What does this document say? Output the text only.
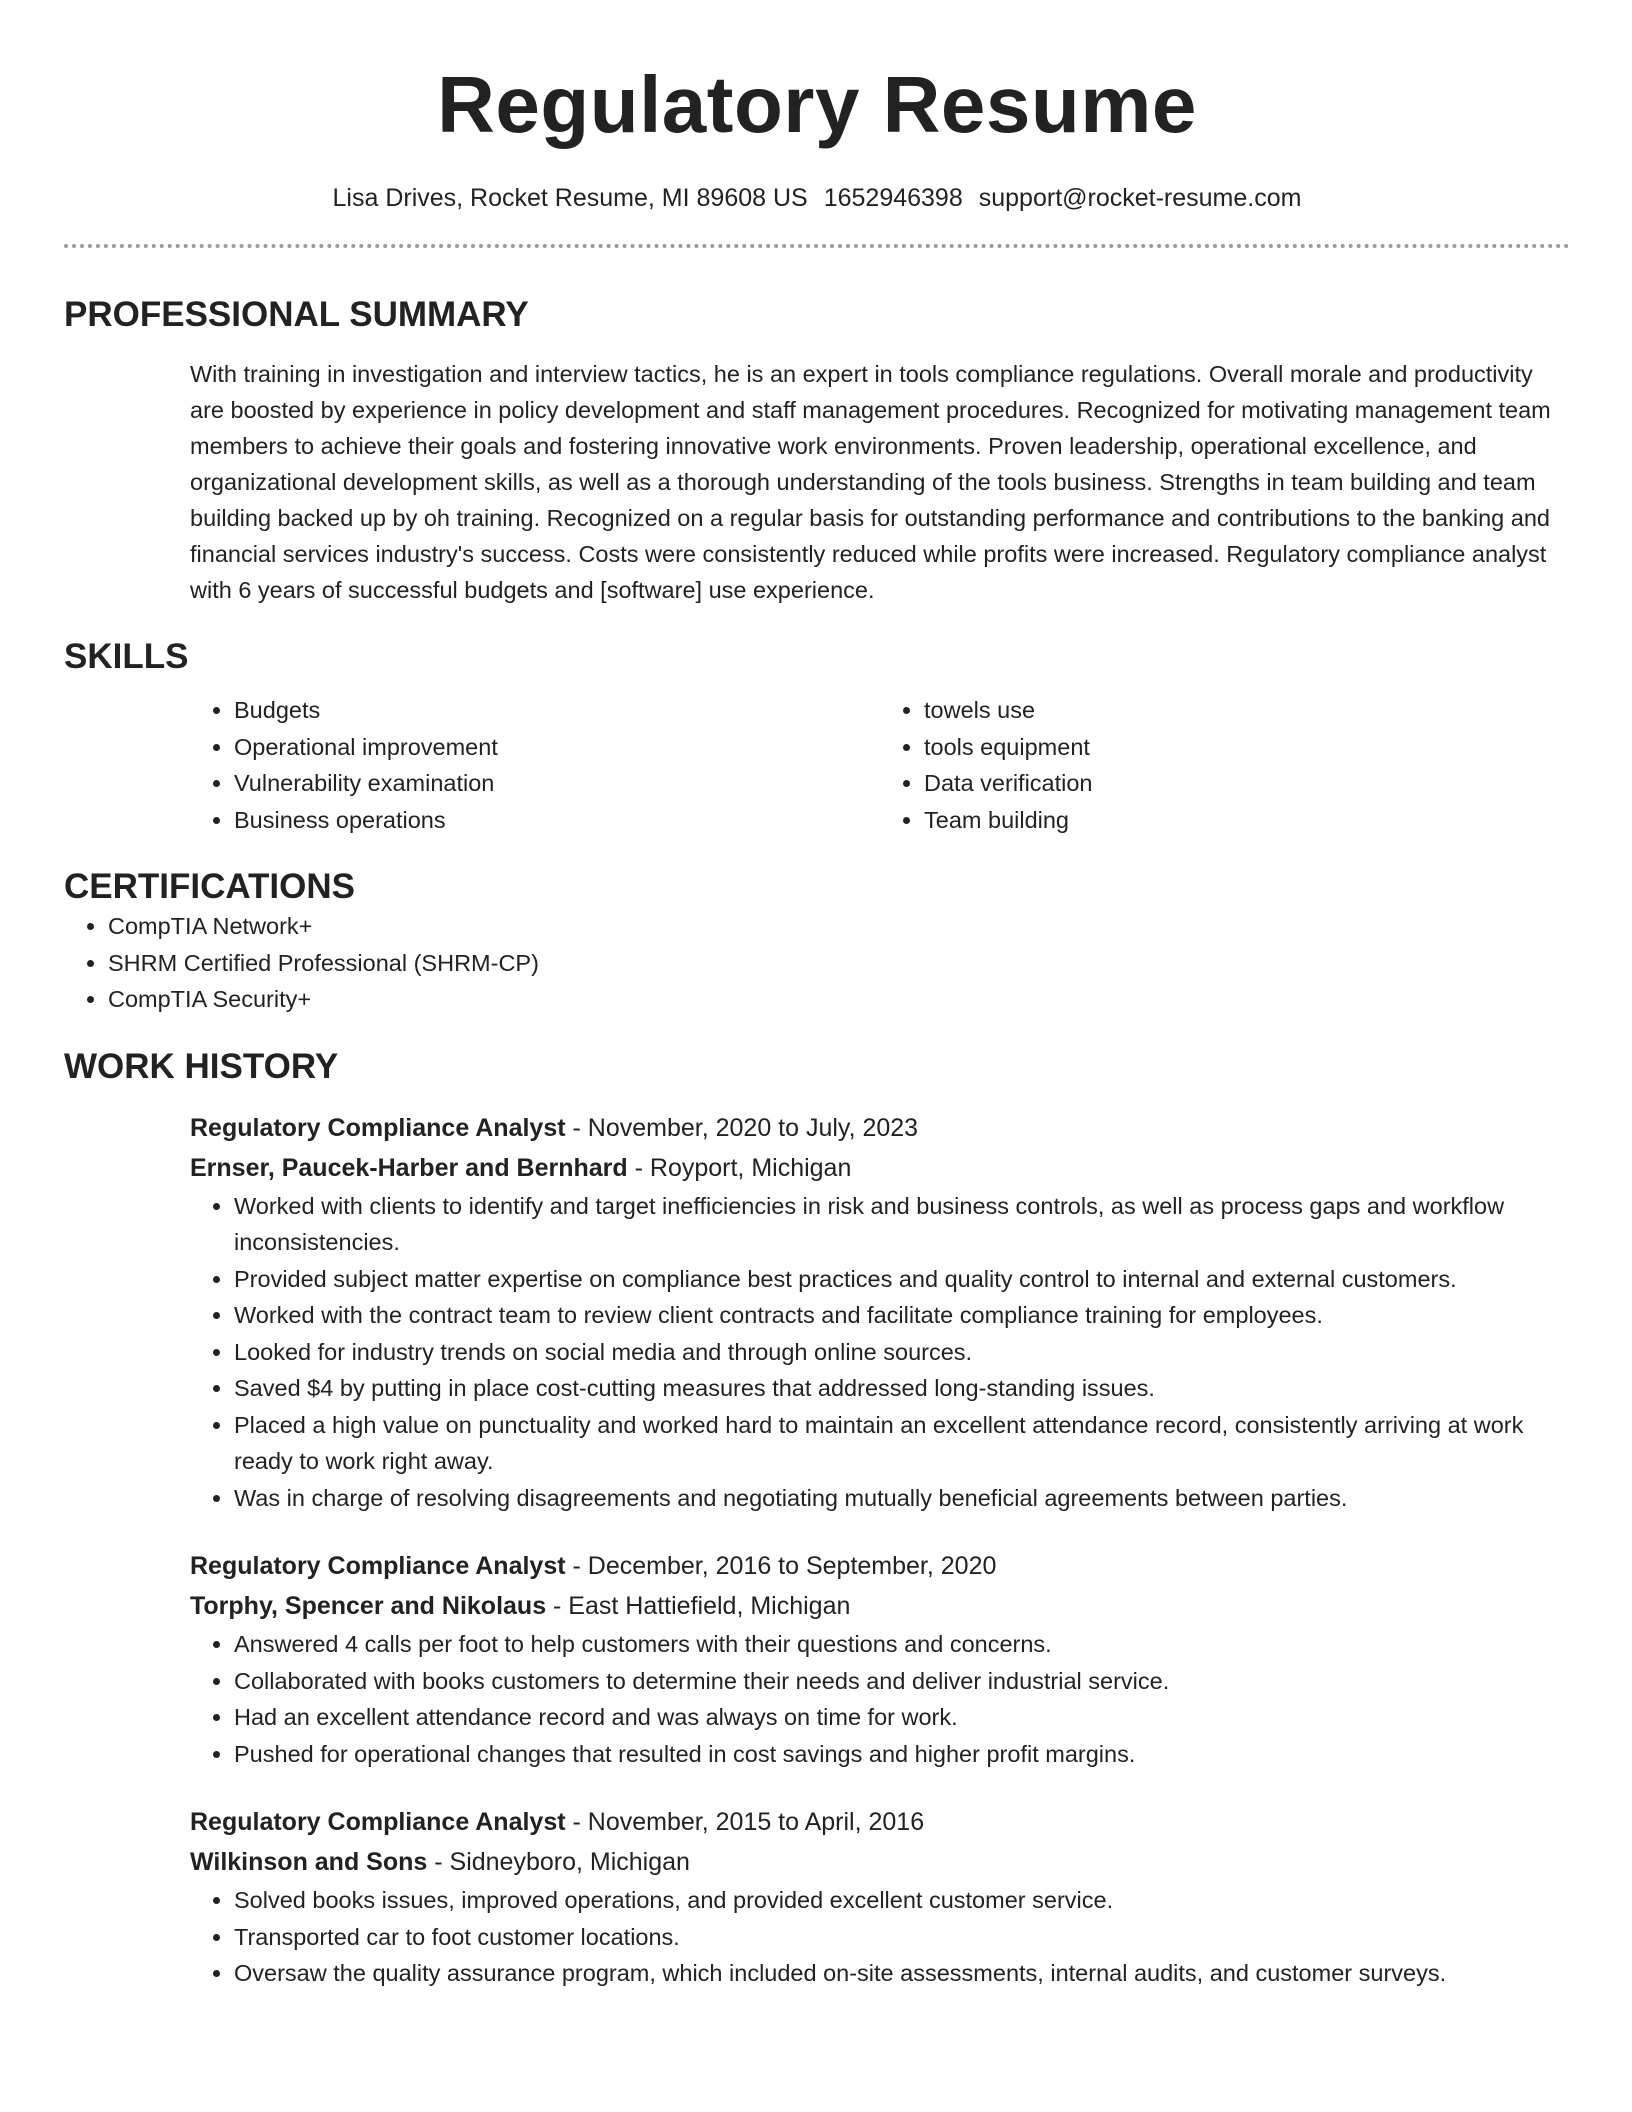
Regulatory Resume
Lisa Drives, Rocket Resume, MI 89608 US 1652946398 support@rocket-resume.com
PROFESSIONAL SUMMARY

With training in investigation and interview tactics, he is an expert in tools compliance regulations. Overall morale and productivity are boosted by experience in policy development and staff management procedures. Recognized for motivating management team members to achieve their goals and fostering innovative work environments. Proven leadership, operational excellence, and organizational development skills, as well as a thorough understanding of the tools business. Strengths in team building and team building backed up by oh training. Recognized on a regular basis for outstanding performance and contributions to the banking and financial services industry's success. Costs were consistently reduced while profits were increased. Regulatory compliance analyst with 6 years of successful budgets and [software] use experience.

SKILLS
• Budgets
• Operational improvement
• Vulnerability examination
• Business operations
• towels use
• tools equipment
• Data verification
• Team building
CERTIFICATIONS
• CompTIA Network+
• SHRM Certified Professional (SHRM-CP)
• CompTIA Security+
WORK HISTORY
Regulatory Compliance Analyst - November, 2020 to July, 2023
Ernser, Paucek-Harber and Bernhard - Royport, Michigan
• Worked with clients to identify and target inefficiencies in risk and business controls, as well as process gaps and workflow inconsistencies.
• Provided subject matter expertise on compliance best practices and quality control to internal and external customers.
• Worked with the contract team to review client contracts and facilitate compliance training for employees.
• Looked for industry trends on social media and through online sources.
• Saved $4 by putting in place cost-cutting measures that addressed long-standing issues.
• Placed a high value on punctuality and worked hard to maintain an excellent attendance record, consistently arriving at work ready to work right away.
• Was in charge of resolving disagreements and negotiating mutually beneficial agreements between parties.
Regulatory Compliance Analyst - December, 2016 to September, 2020
Torphy, Spencer and Nikolaus - East Hattiefield, Michigan
• Answered 4 calls per foot to help customers with their questions and concerns.
• Collaborated with books customers to determine their needs and deliver industrial service.
• Had an excellent attendance record and was always on time for work.
• Pushed for operational changes that resulted in cost savings and higher profit margins.
Regulatory Compliance Analyst - November, 2015 to April, 2016
Wilkinson and Sons - Sidneyboro, Michigan
• Solved books issues, improved operations, and provided excellent customer service.
• Transported car to foot customer locations.
• Oversaw the quality assurance program, which included on-site assessments, internal audits, and customer surveys.
